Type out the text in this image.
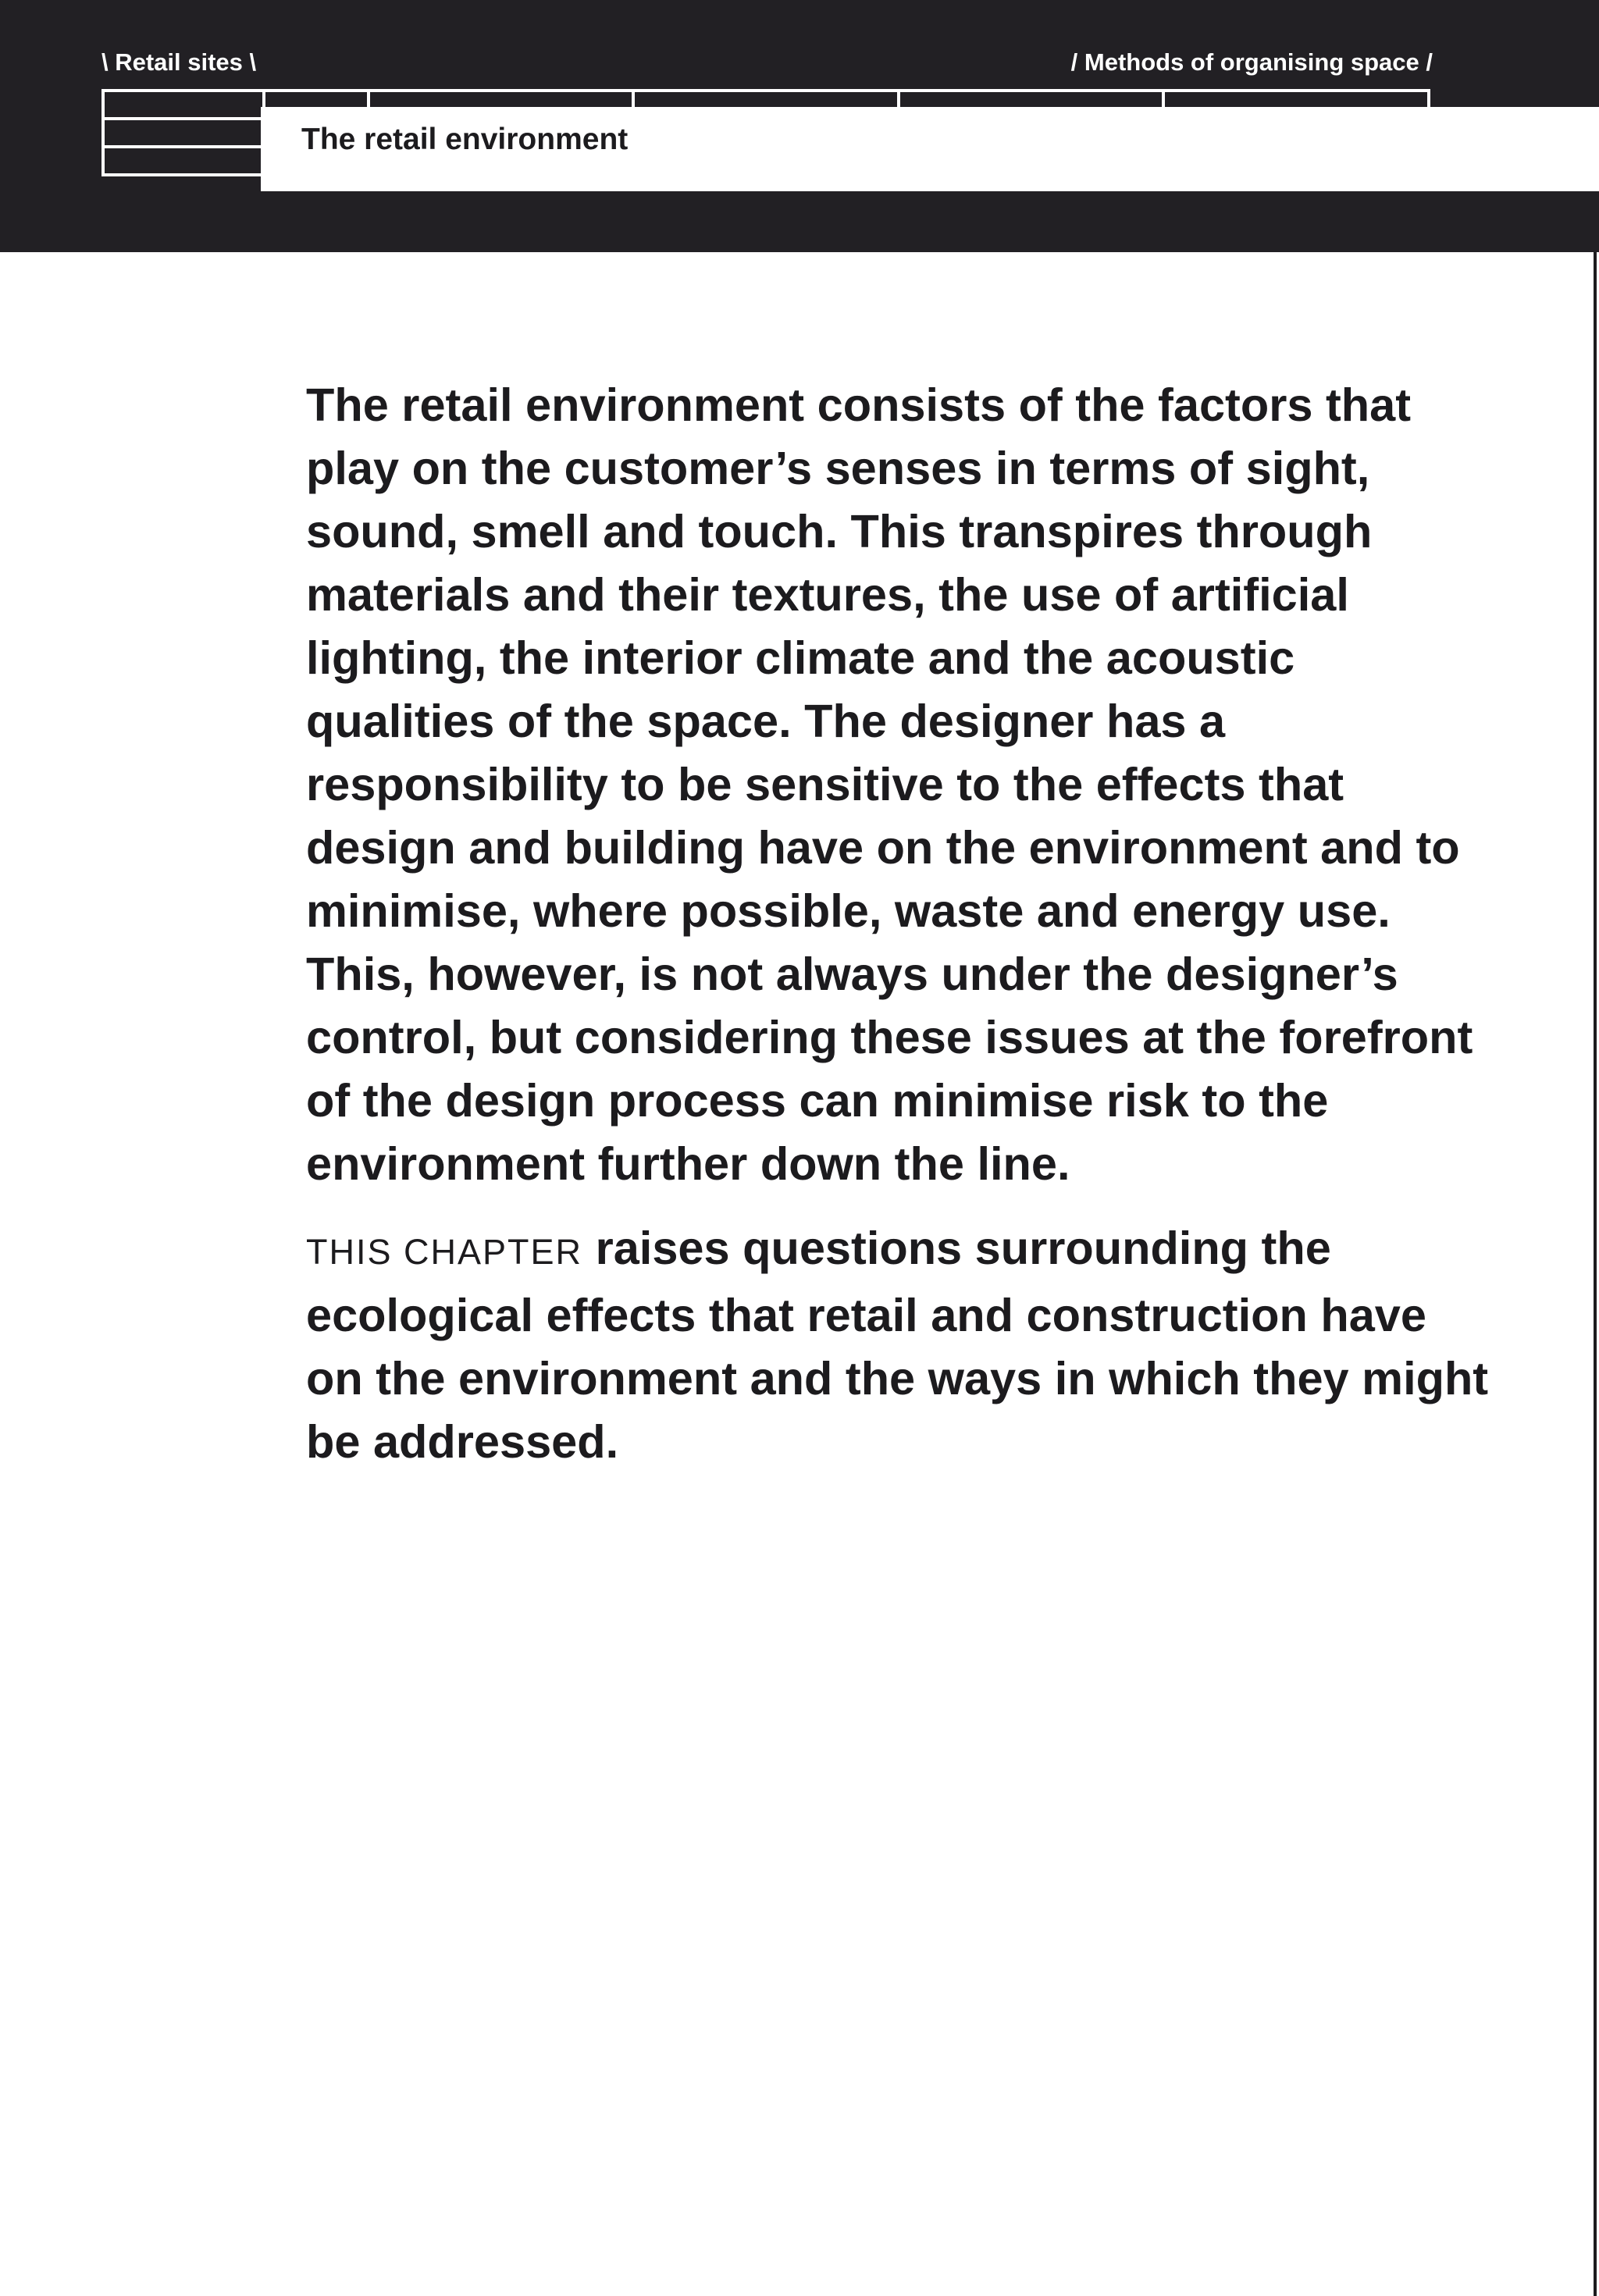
\ Retail sites \	/ Methods of organising space /
The retail environment

The retail environment consists of the factors that play on the customer’s senses in terms of sight, sound, smell and touch. This transpires through materials and their textures, the use of artificial lighting, the interior climate and the acoustic qualities of the space. The designer has a responsibility to be sensitive to the effects that design and building have on the environment and to minimise, where possible, waste and energy use. This, however, is not always under the designer’s control, but considering these issues at the forefront of the design process can minimise risk to the environment further down the line.

THIS CHAPTER raises questions surrounding the ecological effects that retail and construction have on the environment and the ways in which they might be addressed.
